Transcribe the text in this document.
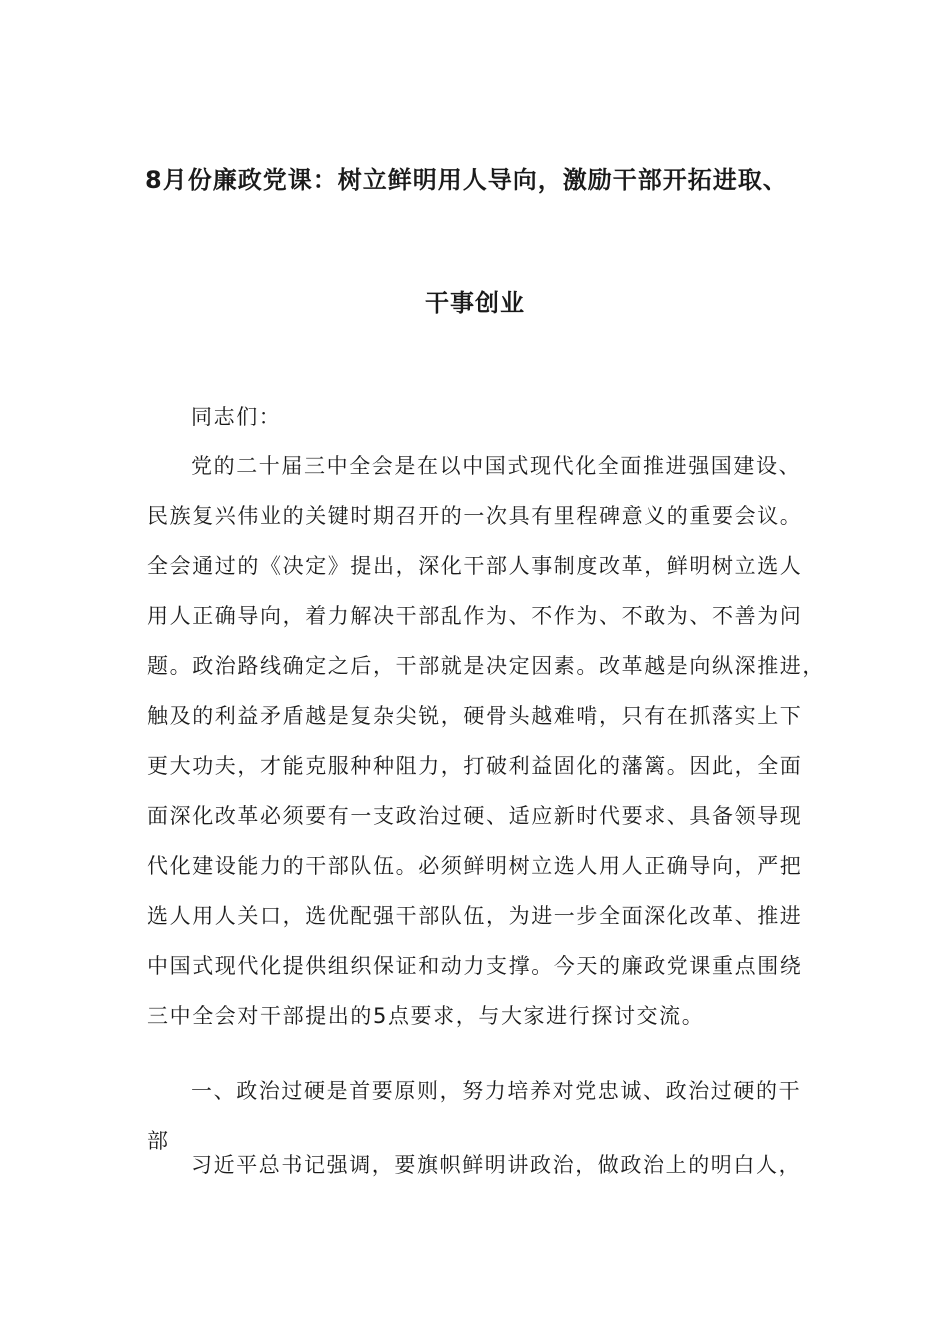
8月份廉政党课：树立鲜明用人导向，激励干部开拓进取、
干事创业
同志们：
党的二十届三中全会是在以中国式现代化全面推进强国建设、
民族复兴伟业的关键时期召开的一次具有里程碑意义的重要会议。
全会通过的《决定》提出，深化干部人事制度改革，鲜明树立选人
用人正确导向，着力解决干部乱作为、不作为、不敢为、不善为问
题。政治路线确定之后，干部就是决定因素。改革越是向纵深推进，
触及的利益矛盾越是复杂尖锐，硬骨头越难啃，只有在抓落实上下
更大功夫，才能克服种种阻力，打破利益固化的藩篱。因此，全面
面深化改革必须要有一支政治过硬、适应新时代要求、具备领导现
代化建设能力的干部队伍。必须鲜明树立选人用人正确导向，严把
选人用人关口，选优配强干部队伍，为进一步全面深化改革、推进
中国式现代化提供组织保证和动力支撑。今天的廉政党课重点围绕
三中全会对干部提出的5点要求，与大家进行探讨交流。
一、政治过硬是首要原则，努力培养对党忠诚、政治过硬的干
部
习近平总书记强调，要旗帜鲜明讲政治，做政治上的明白人，
